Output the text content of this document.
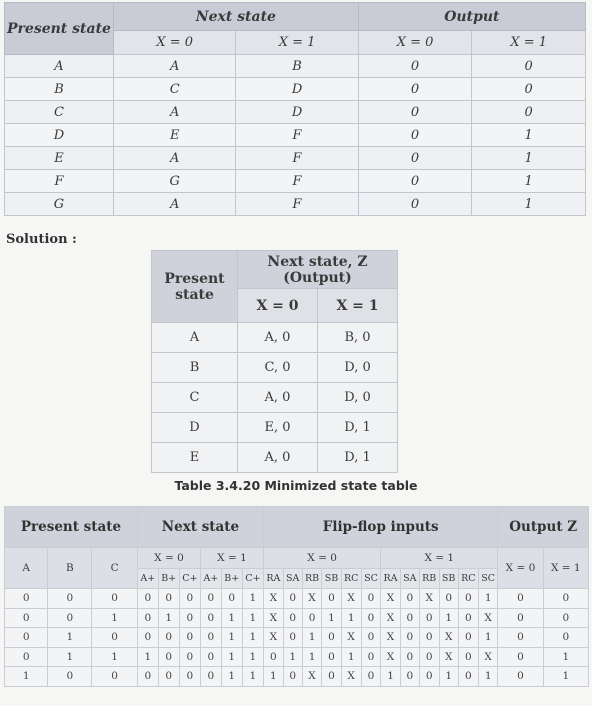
Present state	Next state		Output	
	X = 0	X = 1	X = 0	X = 1
A	A	B	0	0
B	C	D	0	0
C	A	D	0	0
D	E	F	0	1
E	A	F	0	1
F	G	F	0	1
G	A	F	0	1
Solution :
Present state	Next state, Z (Output)	
	X = 0	X = 1
A	A, 0	B, 0
B	C, 0	D, 0
C	A, 0	D, 0
D	E, 0	D, 1
E	A, 0	D, 1
Table 3.4.20 Minimized state table
Present state			Next state						Flip-flop inputs												Output Z	
A	B	C	X = 0			X = 1			X = 0						X = 1						X = 0	X = 1
			A+	B+	C+	A+	B+	C+	RA	SA	RB	SB	RC	SC	RA	SA	RB	SB	RC	SC		
0	0	0	0	0	0	0	0	1	X	0	X	0	X	0	X	0	X	0	0	1	0	0
0	0	1	0	1	0	0	1	1	X	0	0	1	1	0	X	0	0	1	0	X	0	0
0	1	0	0	0	0	0	1	1	X	0	1	0	X	0	X	0	0	X	0	1	0	0
0	1	1	1	0	0	0	1	1	0	1	1	0	1	0	X	0	0	X	0	X	0	1
1	0	0	0	0	0	0	1	1	1	0	X	0	X	0	1	0	0	1	0	1	0	1
